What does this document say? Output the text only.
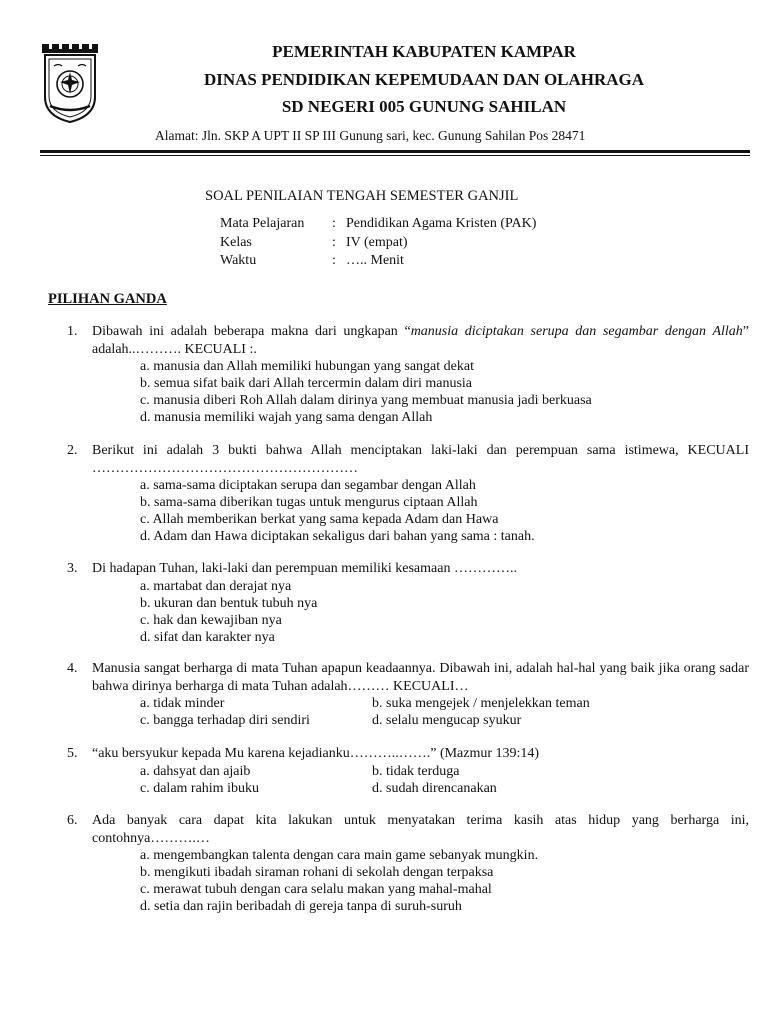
PEMERINTAH KABUPATEN KAMPAR
DINAS PENDIDIKAN KEPEMUDAAN DAN OLAHRAGA
SD NEGERI 005 GUNUNG SAHILAN
Alamat: Jln. SKP A UPT II SP III Gunung sari, kec. Gunung Sahilan Pos 28471
SOAL PENILAIAN TENGAH SEMESTER GANJIL
Mata Pelajaran	: Pendidikan Agama Kristen (PAK)
Kelas	: IV (empat)
Waktu	: ….. Menit
PILIHAN GANDA
1. Dibawah ini adalah beberapa makna dari ungkapan “manusia diciptakan serupa dan segambar dengan Allah” adalah..………. KECUALI :.
a. manusia dan Allah memiliki hubungan yang sangat dekat
b. semua sifat baik dari Allah tercermin dalam diri manusia
c. manusia diberi Roh Allah dalam dirinya yang membuat manusia jadi berkuasa
d. manusia memiliki wajah yang sama dengan Allah
2. Berikut ini adalah 3 bukti bahwa Allah menciptakan laki-laki dan perempuan sama istimewa, KECUALI …………………………………………………
a. sama-sama diciptakan serupa dan segambar dengan Allah
b. sama-sama diberikan tugas untuk mengurus ciptaan Allah
c. Allah memberikan berkat yang sama kepada Adam dan Hawa
d. Adam dan Hawa diciptakan sekaligus dari bahan yang sama : tanah.
3. Di hadapan Tuhan, laki-laki dan perempuan memiliki kesamaan …………..
a. martabat dan derajat nya
b. ukuran dan bentuk tubuh nya
c. hak dan kewajiban nya
d. sifat dan karakter nya
4. Manusia sangat berharga di mata Tuhan apapun keadaannya. Dibawah ini, adalah hal-hal yang baik jika orang sadar bahwa dirinya berharga di mata Tuhan adalah……… KECUALI…
a. tidak minder	b. suka mengejek / menjelekkan teman
c. bangga terhadap diri sendiri	d. selalu mengucap syukur
5. “aku bersyukur kepada Mu karena kejadianku………..…….” (Mazmur 139:14)
a. dahsyat dan ajaib	b. tidak terduga
c. dalam rahim ibuku	d. sudah direncanakan
6. Ada banyak cara dapat kita lakukan untuk menyatakan terima kasih atas hidup yang berharga ini, contohnya……….…
a. mengembangkan talenta dengan cara main game sebanyak mungkin.
b. mengikuti ibadah siraman rohani di sekolah dengan terpaksa
c. merawat tubuh dengan cara selalu makan yang mahal-mahal
d. setia dan rajin beribadah di gereja tanpa di suruh-suruh
